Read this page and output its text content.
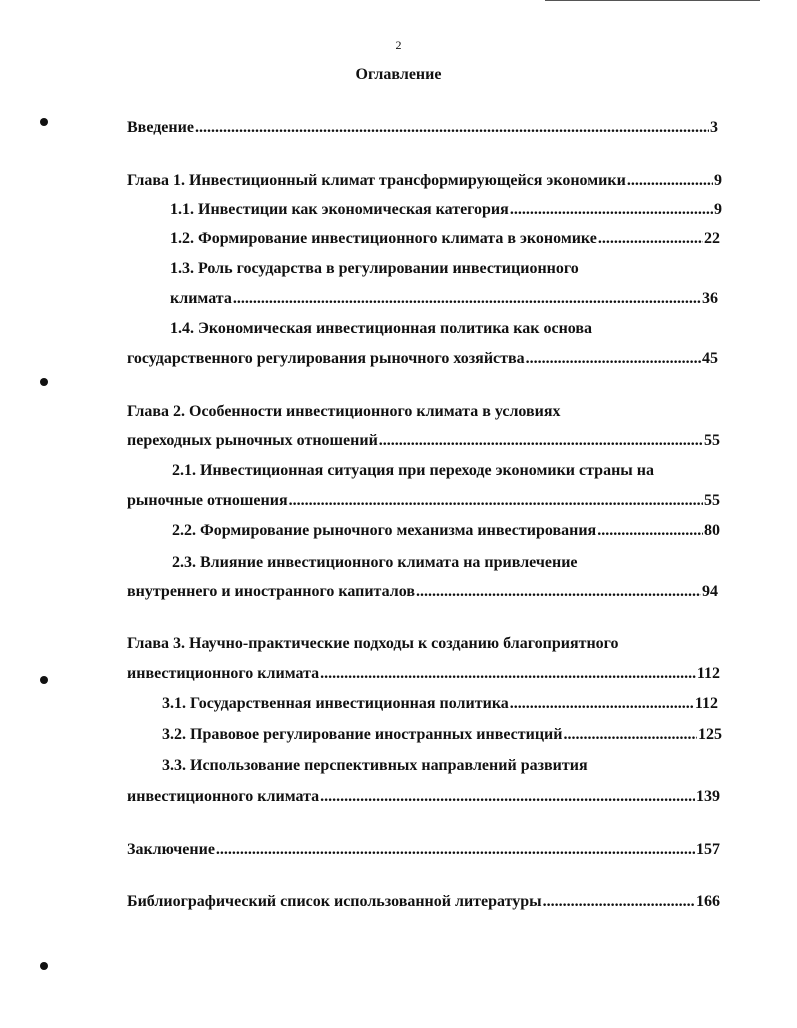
2
Оглавление
Введение .....	3
Глава 1. Инвестиционный климат трансформирующейся экономики .....	9
1.1. Инвестиции как экономическая категория .....	9
1.2. Формирование инвестиционного климата в экономике .....	22
1.3. Роль государства в регулировании инвестиционного
климата .....	36
1.4. Экономическая инвестиционная политика как основа
государственного регулирования рыночного хозяйства .....	45
Глава 2. Особенности инвестиционного климата в условиях
переходных рыночных отношений .....	55
2.1. Инвестиционная ситуация при переходе экономики страны на
рыночные отношения .....	55
2.2. Формирование рыночного механизма инвестирования .....	80
2.3. Влияние инвестиционного климата на привлечение
внутреннего и иностранного капиталов .....	94
Глава 3. Научно-практические подходы к созданию благоприятного
инвестиционного климата .....	112
3.1. Государственная инвестиционная политика .....	112
3.2. Правовое регулирование иностранных инвестиций .....	125
3.3. Использование перспективных направлений развития
инвестиционного климата .....	139
Заключение .....	157
Библиографический список использованной литературы .....	166
